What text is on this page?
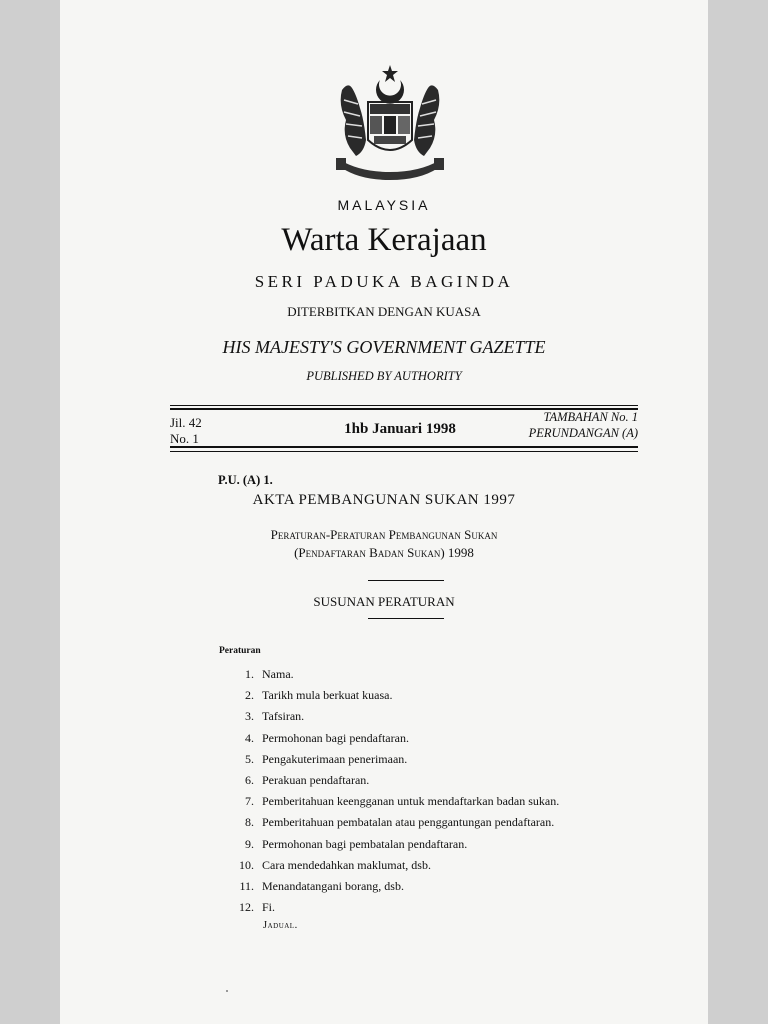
MALAYSIA
Warta Kerajaan
SERI PADUKA BAGINDA
DITERBITKAN DENGAN KUASA
HIS MAJESTY'S GOVERNMENT GAZETTE
PUBLISHED BY AUTHORITY
Jil. 42
No. 1
1hb Januari 1998
TAMBAHAN No. 1
PERUNDANGAN (A)
P.U. (A) 1.
AKTA PEMBANGUNAN SUKAN 1997
Peraturan-Peraturan Pembangunan Sukan
(Pendaftaran Badan Sukan) 1998
SUSUNAN PERATURAN
Peraturan
1. Nama.
2. Tarikh mula berkuat kuasa.
3. Tafsiran.
4. Permohonan bagi pendaftaran.
5. Pengakuterimaan penerimaan.
6. Perakuan pendaftaran.
7. Pemberitahuan keengganan untuk mendaftarkan badan sukan.
8. Pemberitahuan pembatalan atau penggantungan pendaftaran.
9. Permohonan bagi pembatalan pendaftaran.
10. Cara mendedahkan maklumat, dsb.
11. Menandatangani borang, dsb.
12. Fi.
Jadual.
